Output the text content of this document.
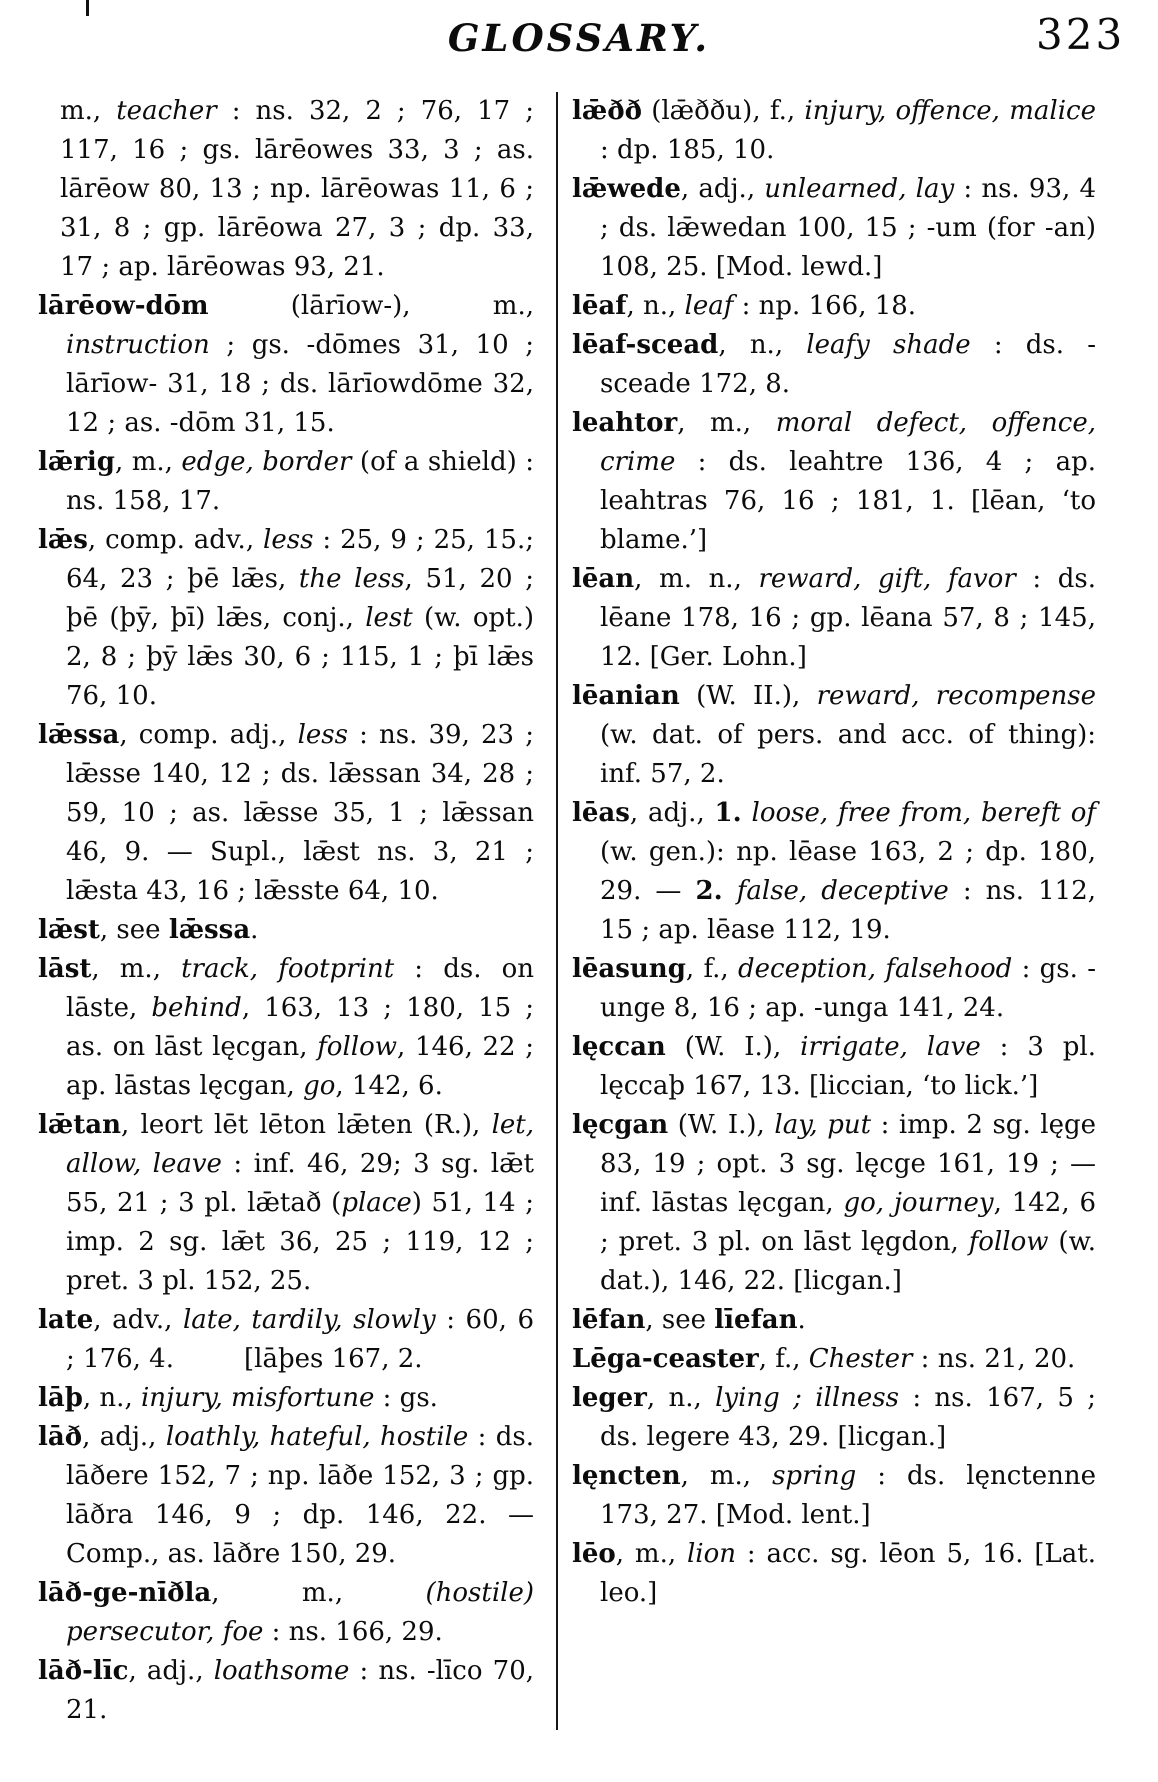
GLOSSARY.	323

m., teacher : ns. 32, 2 ; 76, 17 ; 117, 16 ; gs. lārēowes 33, 3 ; as. lārēow 80, 13 ; np. lārēowas 11, 6 ; 31, 8 ; gp. lārēowa 27, 3 ; dp. 33, 17 ; ap. lārēowas 93, 21.

lārēow-dōm (lārīow-), m., instruction ; gs. -dōmes 31, 10 ; lārīow- 31, 18 ; ds. lārīowdōme 32, 12 ; as. -dōm 31, 15.

lǣrig, m., edge, border (of a shield) : ns. 158, 17.

lǣs, comp. adv., less : 25, 9 ; 25, 15.; 64, 23 ; þē lǣs, the less, 51, 20 ; þē (þȳ, þī) lǣs, conj., lest (w. opt.) 2, 8 ; þȳ lǣs 30, 6 ; 115, 1 ; þī lǣs 76, 10.

lǣssa, comp. adj., less : ns. 39, 23 ; lǣsse 140, 12 ; ds. lǣssan 34, 28 ; 59, 10 ; as. lǣsse 35, 1 ; lǣssan 46, 9. — Supl., lǣst ns. 3, 21 ; lǣsta 43, 16 ; lǣsste 64, 10.

lǣst, see lǣssa.

lāst, m., track, footprint : ds. on lāste, behind, 163, 13 ; 180, 15 ; as. on lāst lęcgan, follow, 146, 22 ; ap. lāstas lęcgan, go, 142, 6.

lǣtan, leort lēt lēton lǣten (R.), let, allow, leave : inf. 46, 29; 3 sg. lǣt 55, 21 ; 3 pl. lǣtað (place) 51, 14 ; imp. 2 sg. lǣt 36, 25 ; 119, 12 ; pret. 3 pl. 152, 25.

late, adv., late, tardily, slowly : 60, 6 ; 176, 4.	[lāþes 167, 2.

lāþ, n., injury, misfortune : gs.

lāð, adj., loathly, hateful, hostile : ds. lāðere 152, 7 ; np. lāðe 152, 3 ; gp. lāðra 146, 9 ; dp. 146, 22. — Comp., as. lāðre 150, 29.

lāð-ge-nīðla, m., (hostile) persecutor, foe : ns. 166, 29.

lāð-līc, adj., loathsome : ns. -līco 70, 21.

lǣðð (lǣððu), f., injury, offence, malice : dp. 185, 10.

lǣwede, adj., unlearned, lay : ns. 93, 4 ; ds. lǣwedan 100, 15 ; -um (for -an) 108, 25. [Mod. lewd.]

lēaf, n., leaf : np. 166, 18.

lēaf-scead, n., leafy shade : ds. -sceade 172, 8.

leahtor, m., moral defect, offence, crime : ds. leahtre 136, 4 ; ap. leahtras 76, 16 ; 181, 1. [lēan, ‘to blame.’]

lēan, m. n., reward, gift, favor : ds. lēane 178, 16 ; gp. lēana 57, 8 ; 145, 12. [Ger. Lohn.]

lēanian (W. II.), reward, recompense (w. dat. of pers. and acc. of thing): inf. 57, 2.

lēas, adj., 1. loose, free from, bereft of (w. gen.): np. lēase 163, 2 ; dp. 180, 29. — 2. false, deceptive : ns. 112, 15 ; ap. lēase 112, 19.

lēasung, f., deception, falsehood : gs. -unge 8, 16 ; ap. -unga 141, 24.

lęccan (W. I.), irrigate, lave : 3 pl. lęccaþ 167, 13. [liccian, ‘to lick.’]

lęcgan (W. I.), lay, put : imp. 2 sg. lęge 83, 19 ; opt. 3 sg. lęcge 161, 19 ; — inf. lāstas lęcgan, go, journey, 142, 6 ; pret. 3 pl. on lāst lęgdon, follow (w. dat.), 146, 22. [licgan.]

lēfan, see līefan.

Lēga-ceaster, f., Chester : ns. 21, 20.

leger, n., lying ; illness : ns. 167, 5 ; ds. legere 43, 29. [licgan.]

lęncten, m., spring : ds. lęnctenne 173, 27. [Mod. lent.]

lēo, m., lion : acc. sg. lēon 5, 16. [Lat. leo.]
